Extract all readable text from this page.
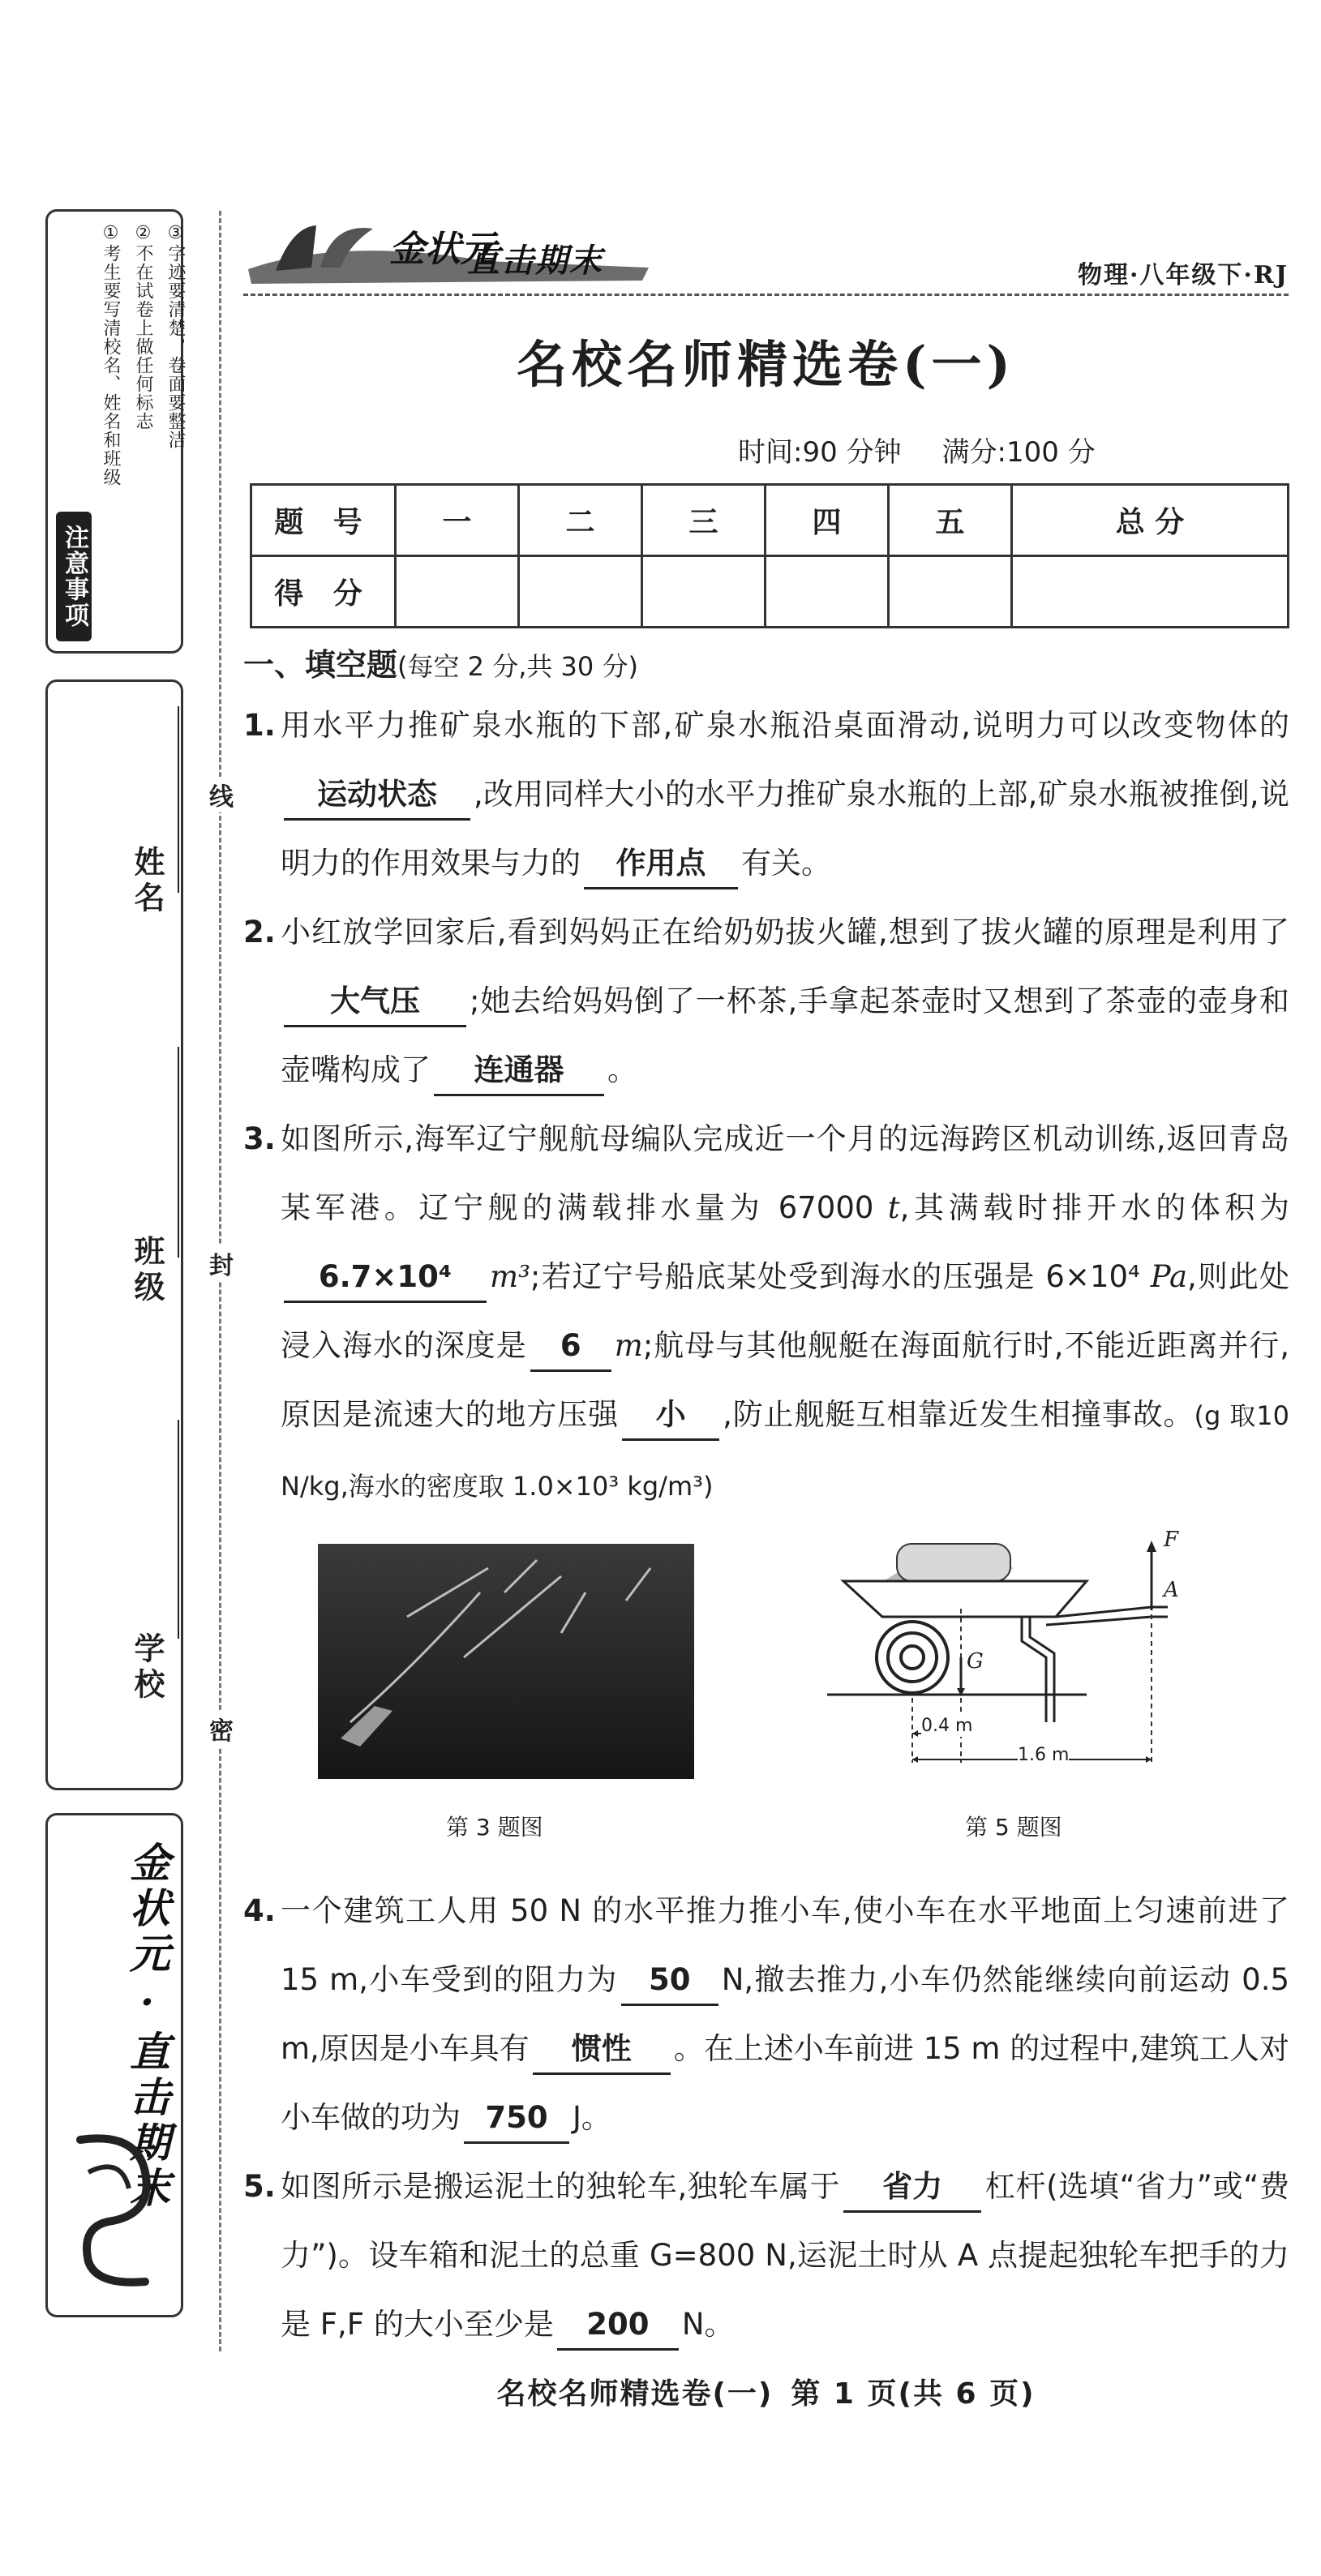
①考生要写清校名、姓名和班级 ②不在试卷上做任何标志 ③字迹要清楚，卷面要整洁
注意事项
姓名
班级
学校
金状元·直击期末
线
封
密
金状元
直击期末	物理·八年级下·RJ
名校名师精选卷(一)
时间:90 分钟 满分:100 分
题 号	一	二	三	四	五	总 分
得 分						
一、填空题(每空 2 分,共 30 分)
1. 用水平力推矿泉水瓶的下部,矿泉水瓶沿桌面滑动,说明力可以改变物体的运动状态 ,改用同样大小的水平力推矿泉水瓶的上部,矿泉水瓶被推倒,说明力的作用效果与力的 作用点 有关。
2. 小红放学回家后,看到妈妈正在给奶奶拔火罐,想到了拔火罐的原理是利用了大气压 ;她去给妈妈倒了一杯茶,手拿起茶壶时又想到了茶壶的壶身和壶嘴构成了 连通器 。
3. 如图所示,海军辽宁舰航母编队完成近一个月的远海跨区机动训练,返回青岛某军港。辽宁舰的满载排水量为 67000 t,其满载时排开水的体积为6.7×10⁴ m³;若辽宁号船底某处受到海水的压强是 6×10⁴ Pa,则此处浸入海水的深度是 6 m;航母与其他舰艇在海面航行时,不能近距离并行,原因是流速大的地方压强 小 ,防止舰艇互相靠近发生相撞事故。(g 取10 N/kg,海水的密度取 1.0×10³ kg/m³)
F
A
G
0.4 m
1.6 m
第 3 题图	第 5 题图
4. 一个建筑工人用 50 N 的水平推力推小车,使小车在水平地面上匀速前进了 15 m,小车受到的阻力为 50 N,撤去推力,小车仍然能继续向前运动 0.5 m,原因是小车具有 惯性 。在上述小车前进 15 m 的过程中,建筑工人对小车做的功为 750 J。
5. 如图所示是搬运泥土的独轮车,独轮车属于 省力 杠杆(选填“省力”或“费力”)。设车箱和泥土的总重 G=800 N,运泥土时从 A 点提起独轮车把手的力是 F,F 的大小至少是 200 N。
名校名师精选卷(一) 第 1 页(共 6 页)
